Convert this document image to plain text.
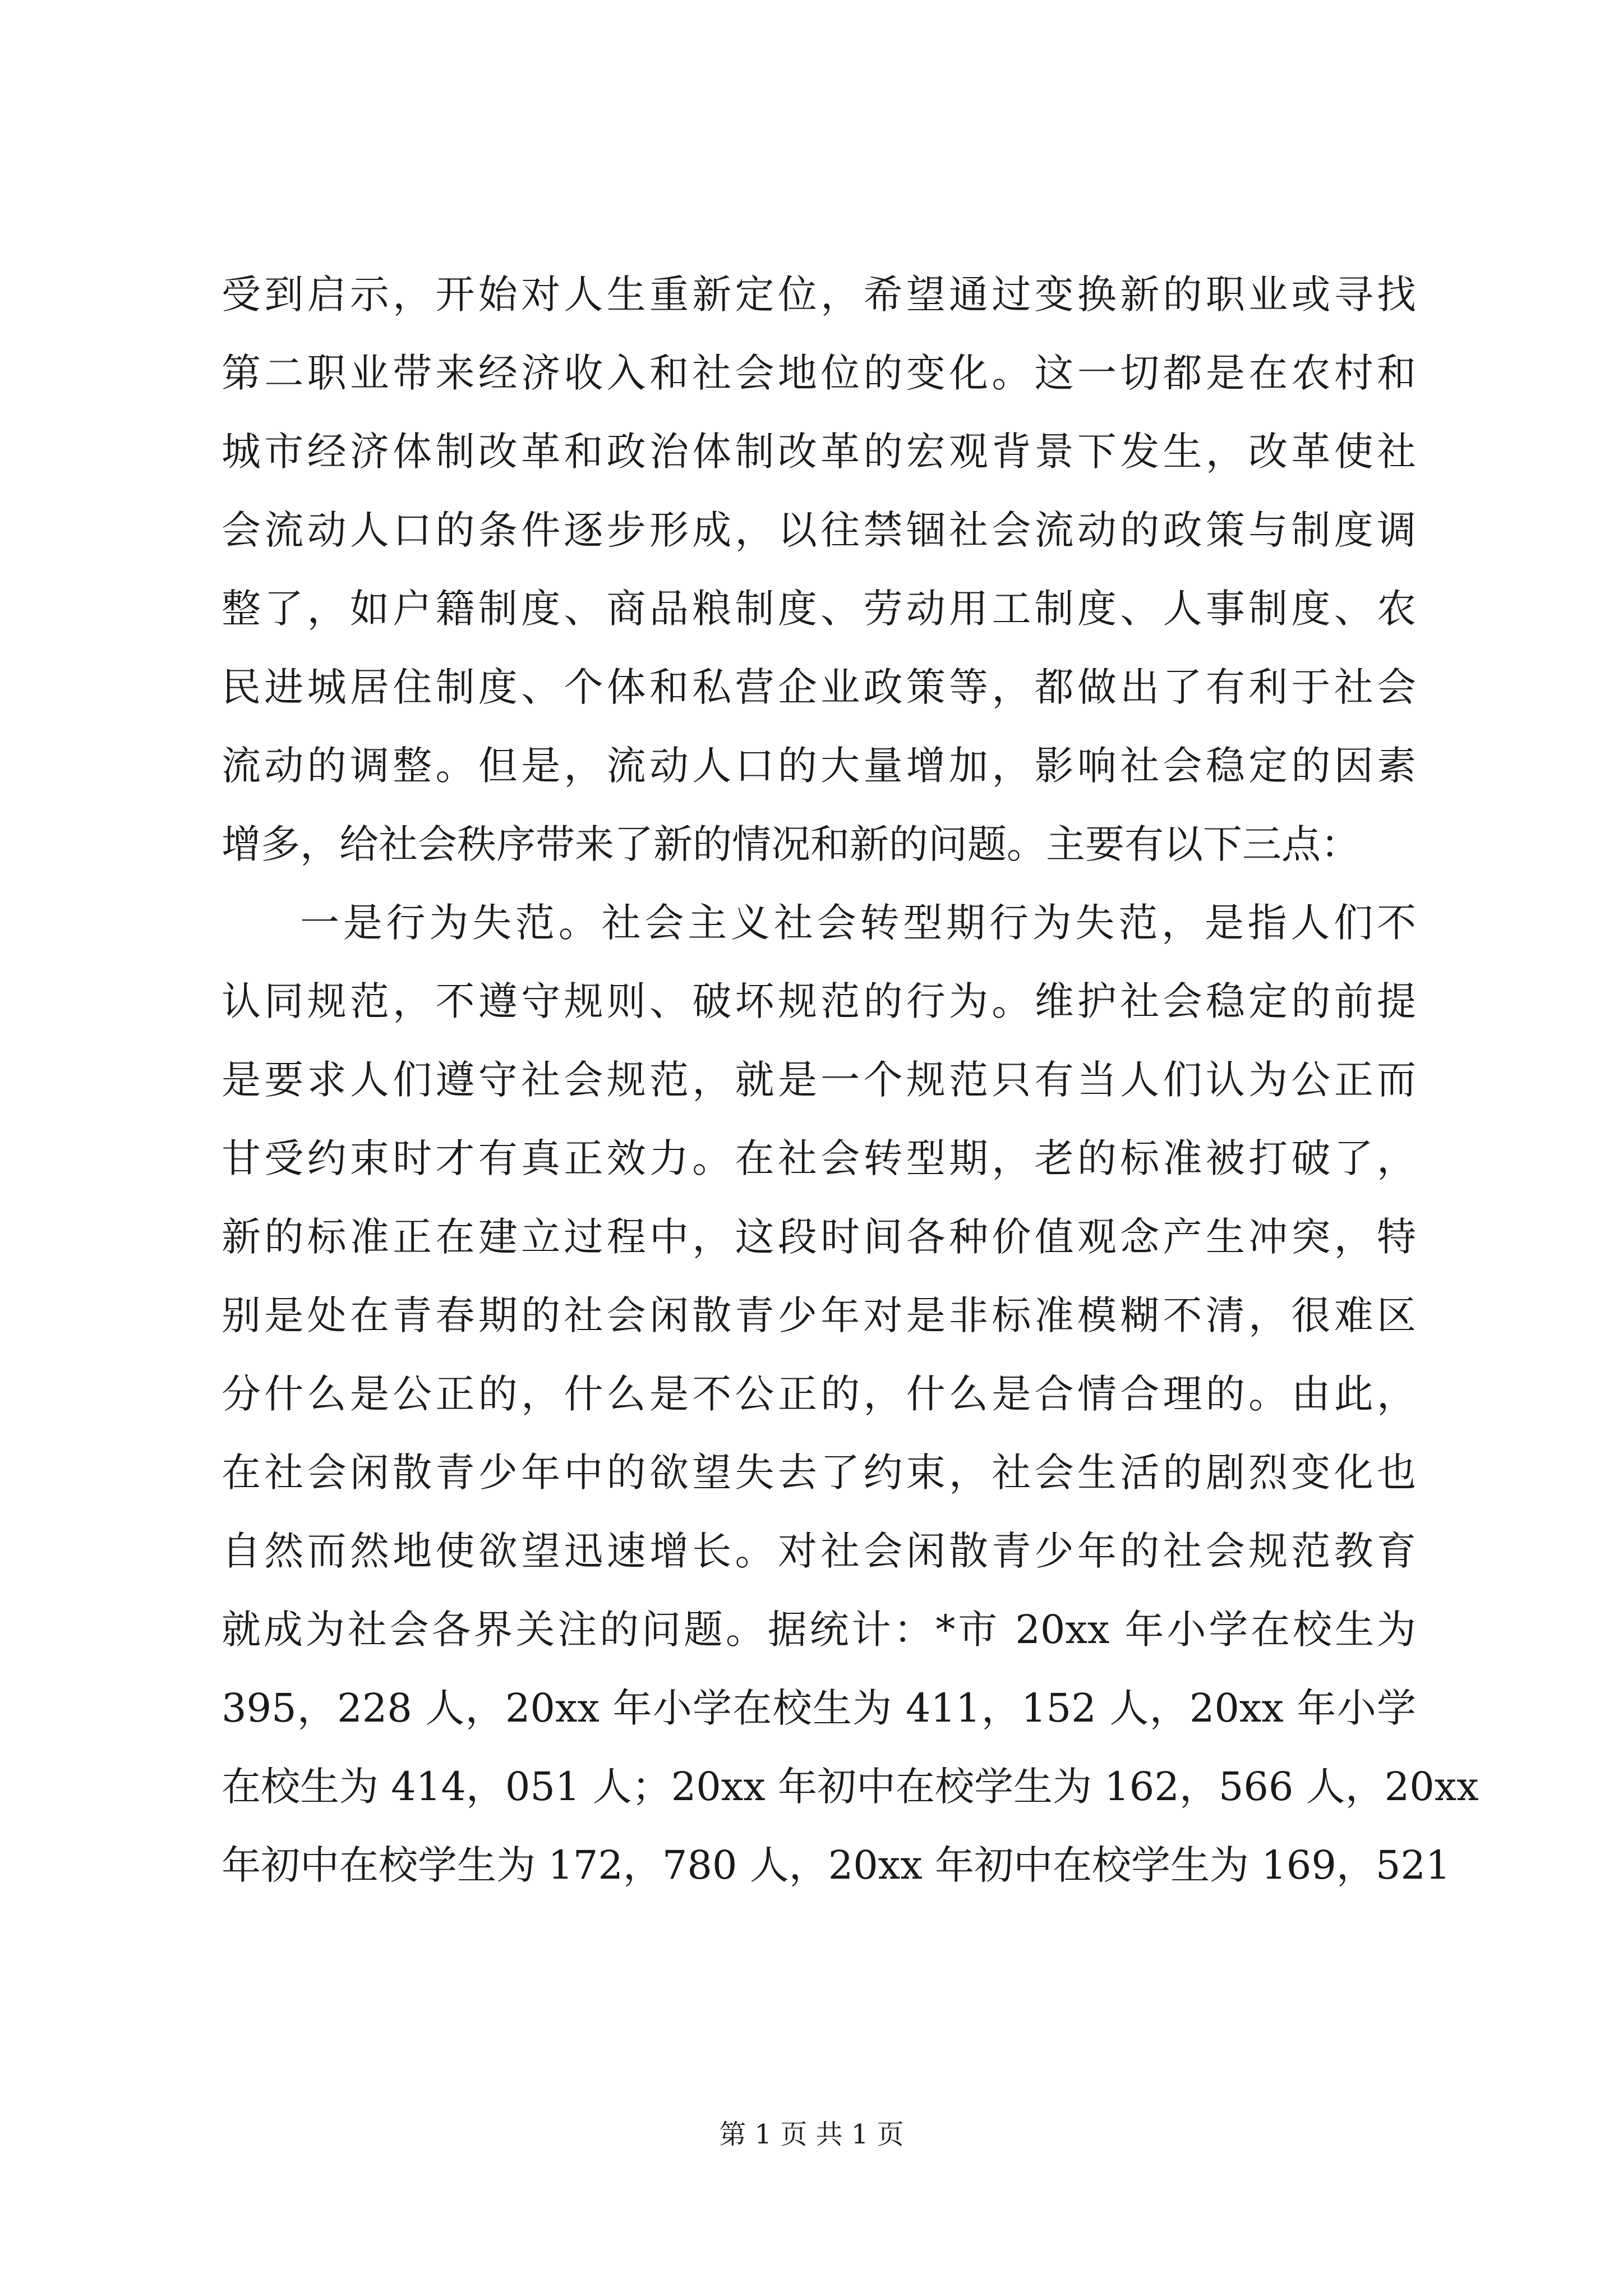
受到启示，开始对人生重新定位，希望通过变换新的职业或寻找
第二职业带来经济收入和社会地位的变化。这一切都是在农村和
城市经济体制改革和政治体制改革的宏观背景下发生，改革使社
会流动人口的条件逐步形成，以往禁锢社会流动的政策与制度调
整了，如户籍制度、商品粮制度、劳动用工制度、人事制度、农
民进城居住制度、个体和私营企业政策等，都做出了有利于社会
流动的调整。但是，流动人口的大量增加，影响社会稳定的因素
增多，给社会秩序带来了新的情况和新的问题。主要有以下三点：
一是行为失范。社会主义社会转型期行为失范，是指人们不
认同规范，不遵守规则、破坏规范的行为。维护社会稳定的前提
是要求人们遵守社会规范，就是一个规范只有当人们认为公正而
甘受约束时才有真正效力。在社会转型期，老的标准被打破了，
新的标准正在建立过程中，这段时间各种价值观念产生冲突，特
别是处在青春期的社会闲散青少年对是非标准模糊不清，很难区
分什么是公正的，什么是不公正的，什么是合情合理的。由此，
在社会闲散青少年中的欲望失去了约束，社会生活的剧烈变化也
自然而然地使欲望迅速增长。对社会闲散青少年的社会规范教育
就成为社会各界关注的问题。据统计：*市 20xx 年小学在校生为
395，228 人，20xx 年小学在校生为 411，152 人，20xx 年小学
在校生为 414，051 人；20xx 年初中在校学生为 162，566 人，20xx
年初中在校学生为 172，780 人，20xx 年初中在校学生为 169，521
第 1 页 共 1 页
